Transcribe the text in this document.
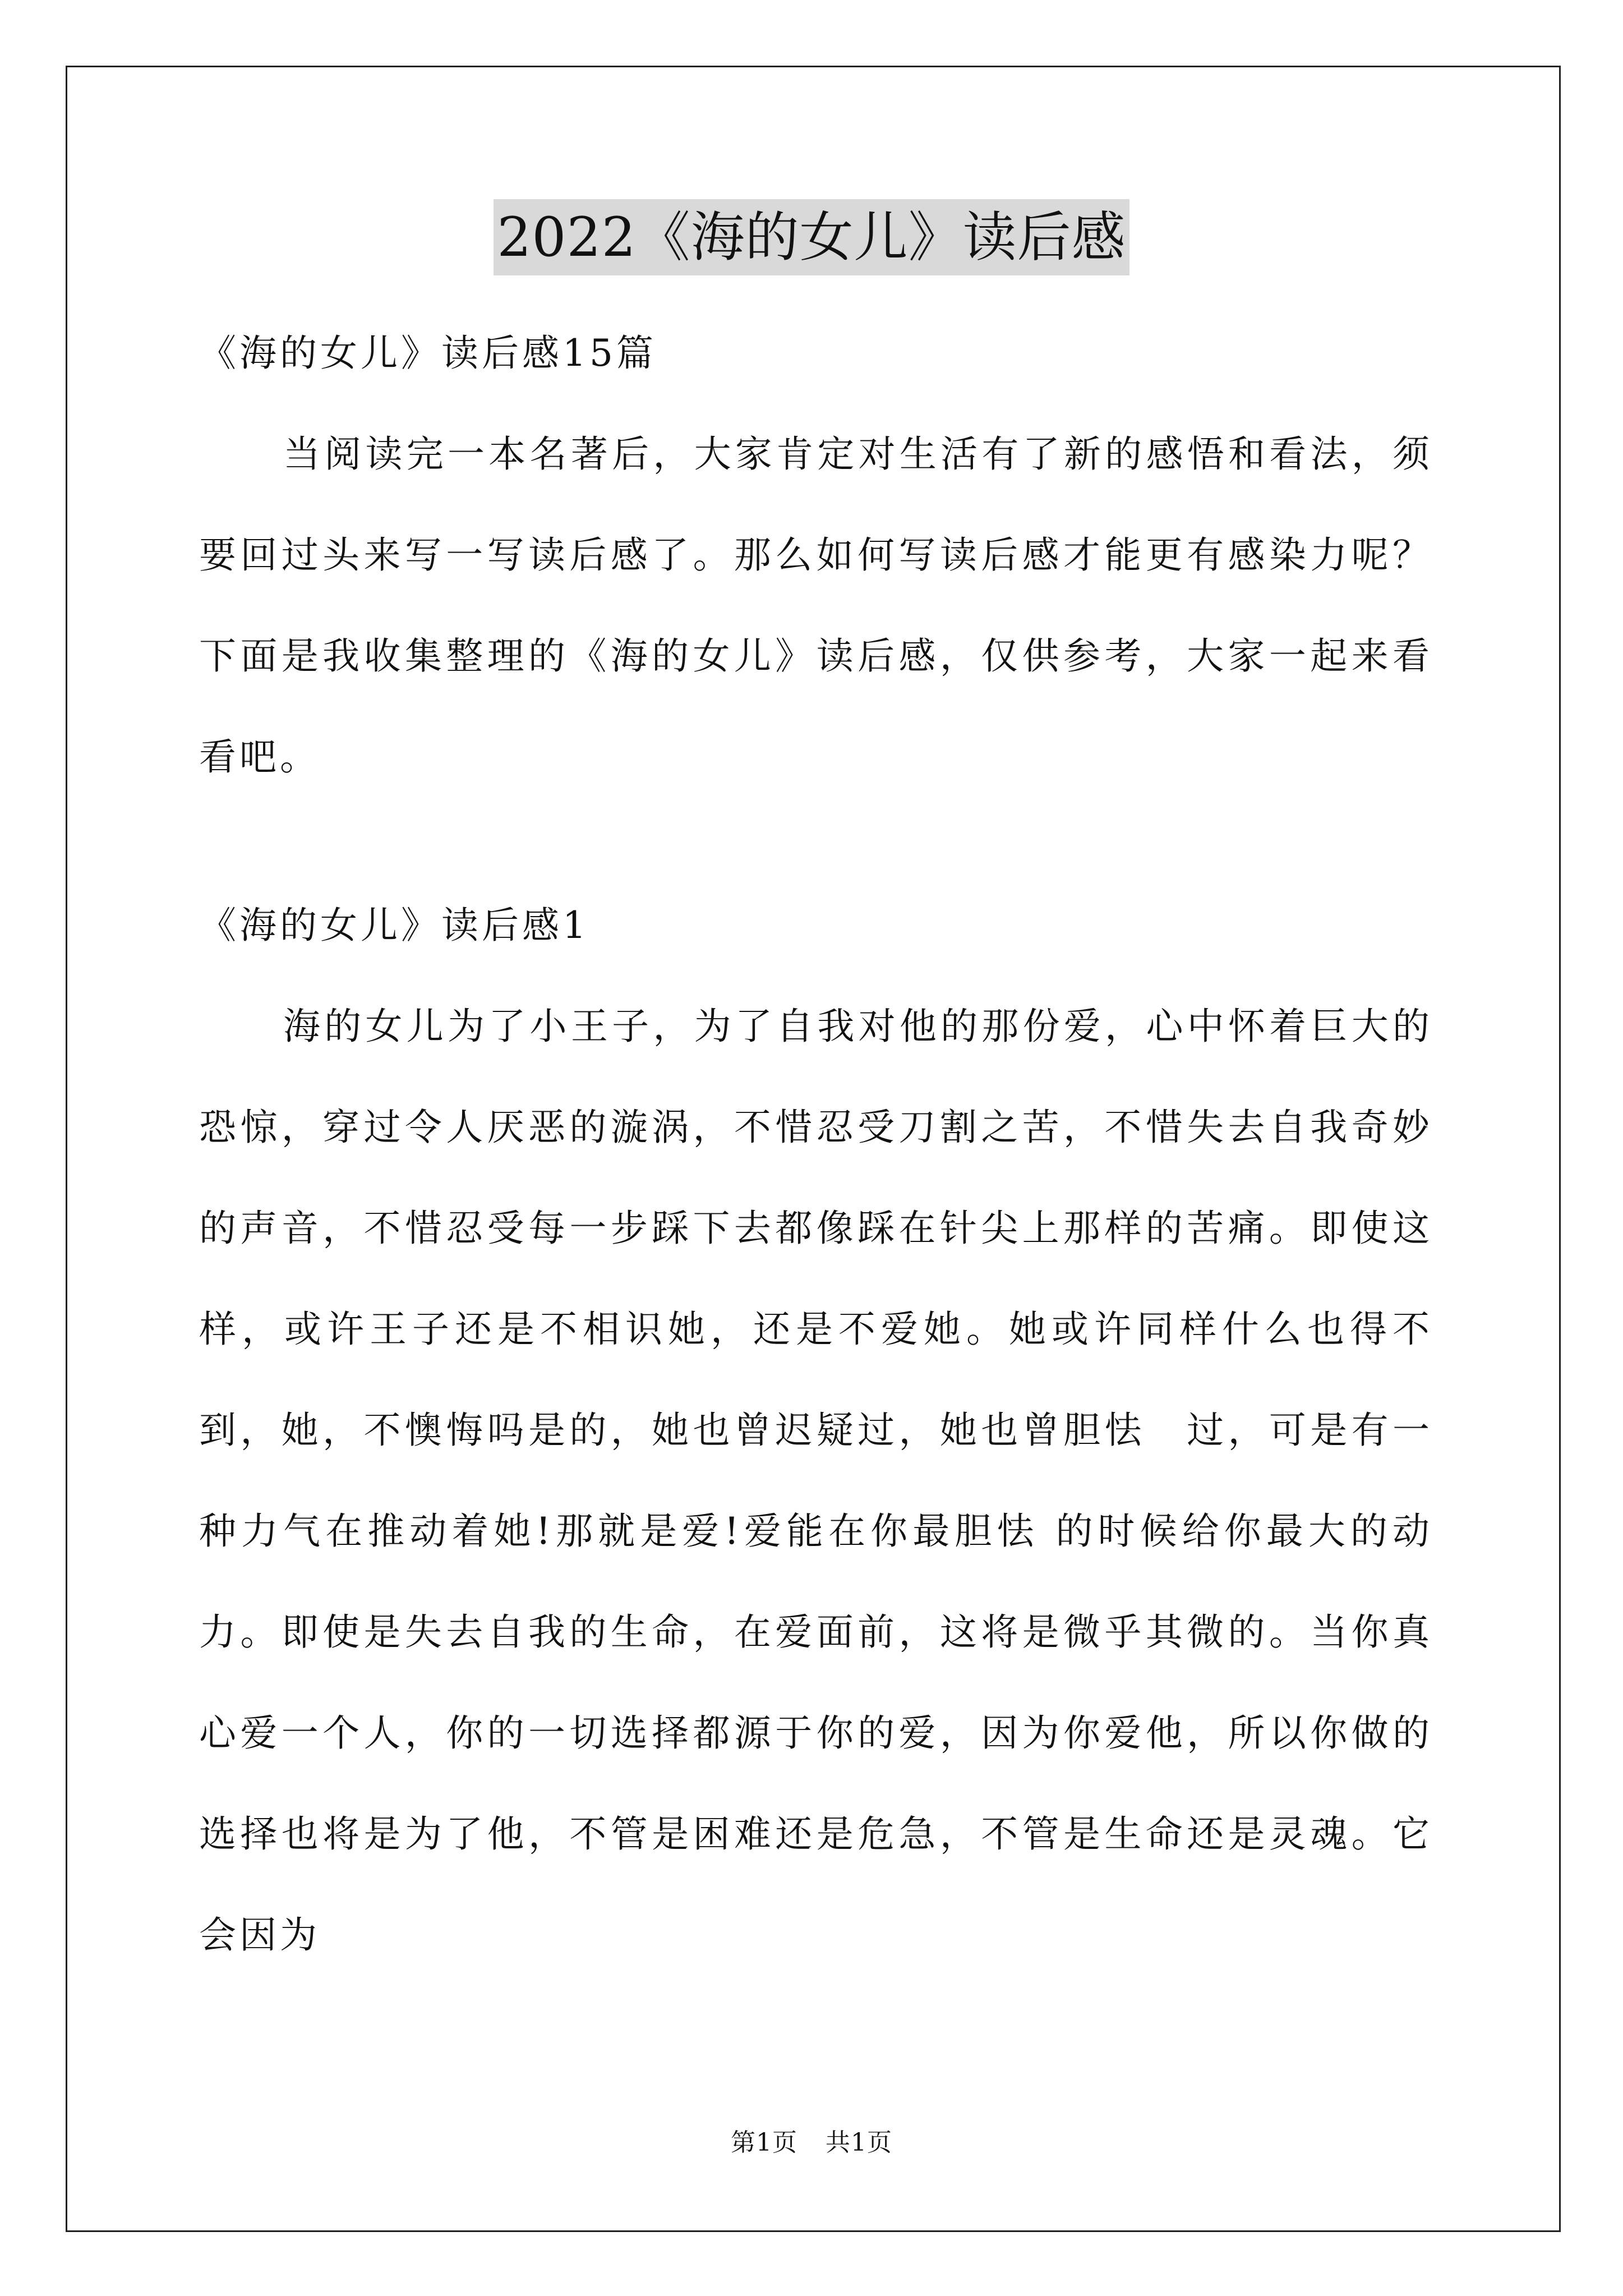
2022《海的女儿》读后感

《海的女儿》读后感15篇

当阅读完一本名著后，大家肯定对生活有了新的感悟和看法，须要回过头来写一写读后感了。那么如何写读后感才能更有感染力呢？下面是我收集整理的《海的女儿》读后感，仅供参考，大家一起来看看吧。

《海的女儿》读后感1

海的女儿为了小王子，为了自我对他的那份爱，心中怀着巨大的恐惊，穿过令人厌恶的漩涡，不惜忍受刀割之苦，不惜失去自我奇妙的声音，不惜忍受每一步踩下去都像踩在针尖上那样的苦痛。即使这样，或许王子还是不相识她，还是不爱她。她或许同样什么也得不到，她，不懊悔吗是的，她也曾迟疑过，她也曾胆怯　过，可是有一种力气在推动着她!那就是爱!爱能在你最胆怯 的时候给你最大的动力。即使是失去自我的生命，在爱面前，这将是微乎其微的。当你真心爱一个人，你的一切选择都源于你的爱，因为你爱他，所以你做的选择也将是为了他，不管是困难还是危急，不管是生命还是灵魂。它会因为

第1页 共1页
